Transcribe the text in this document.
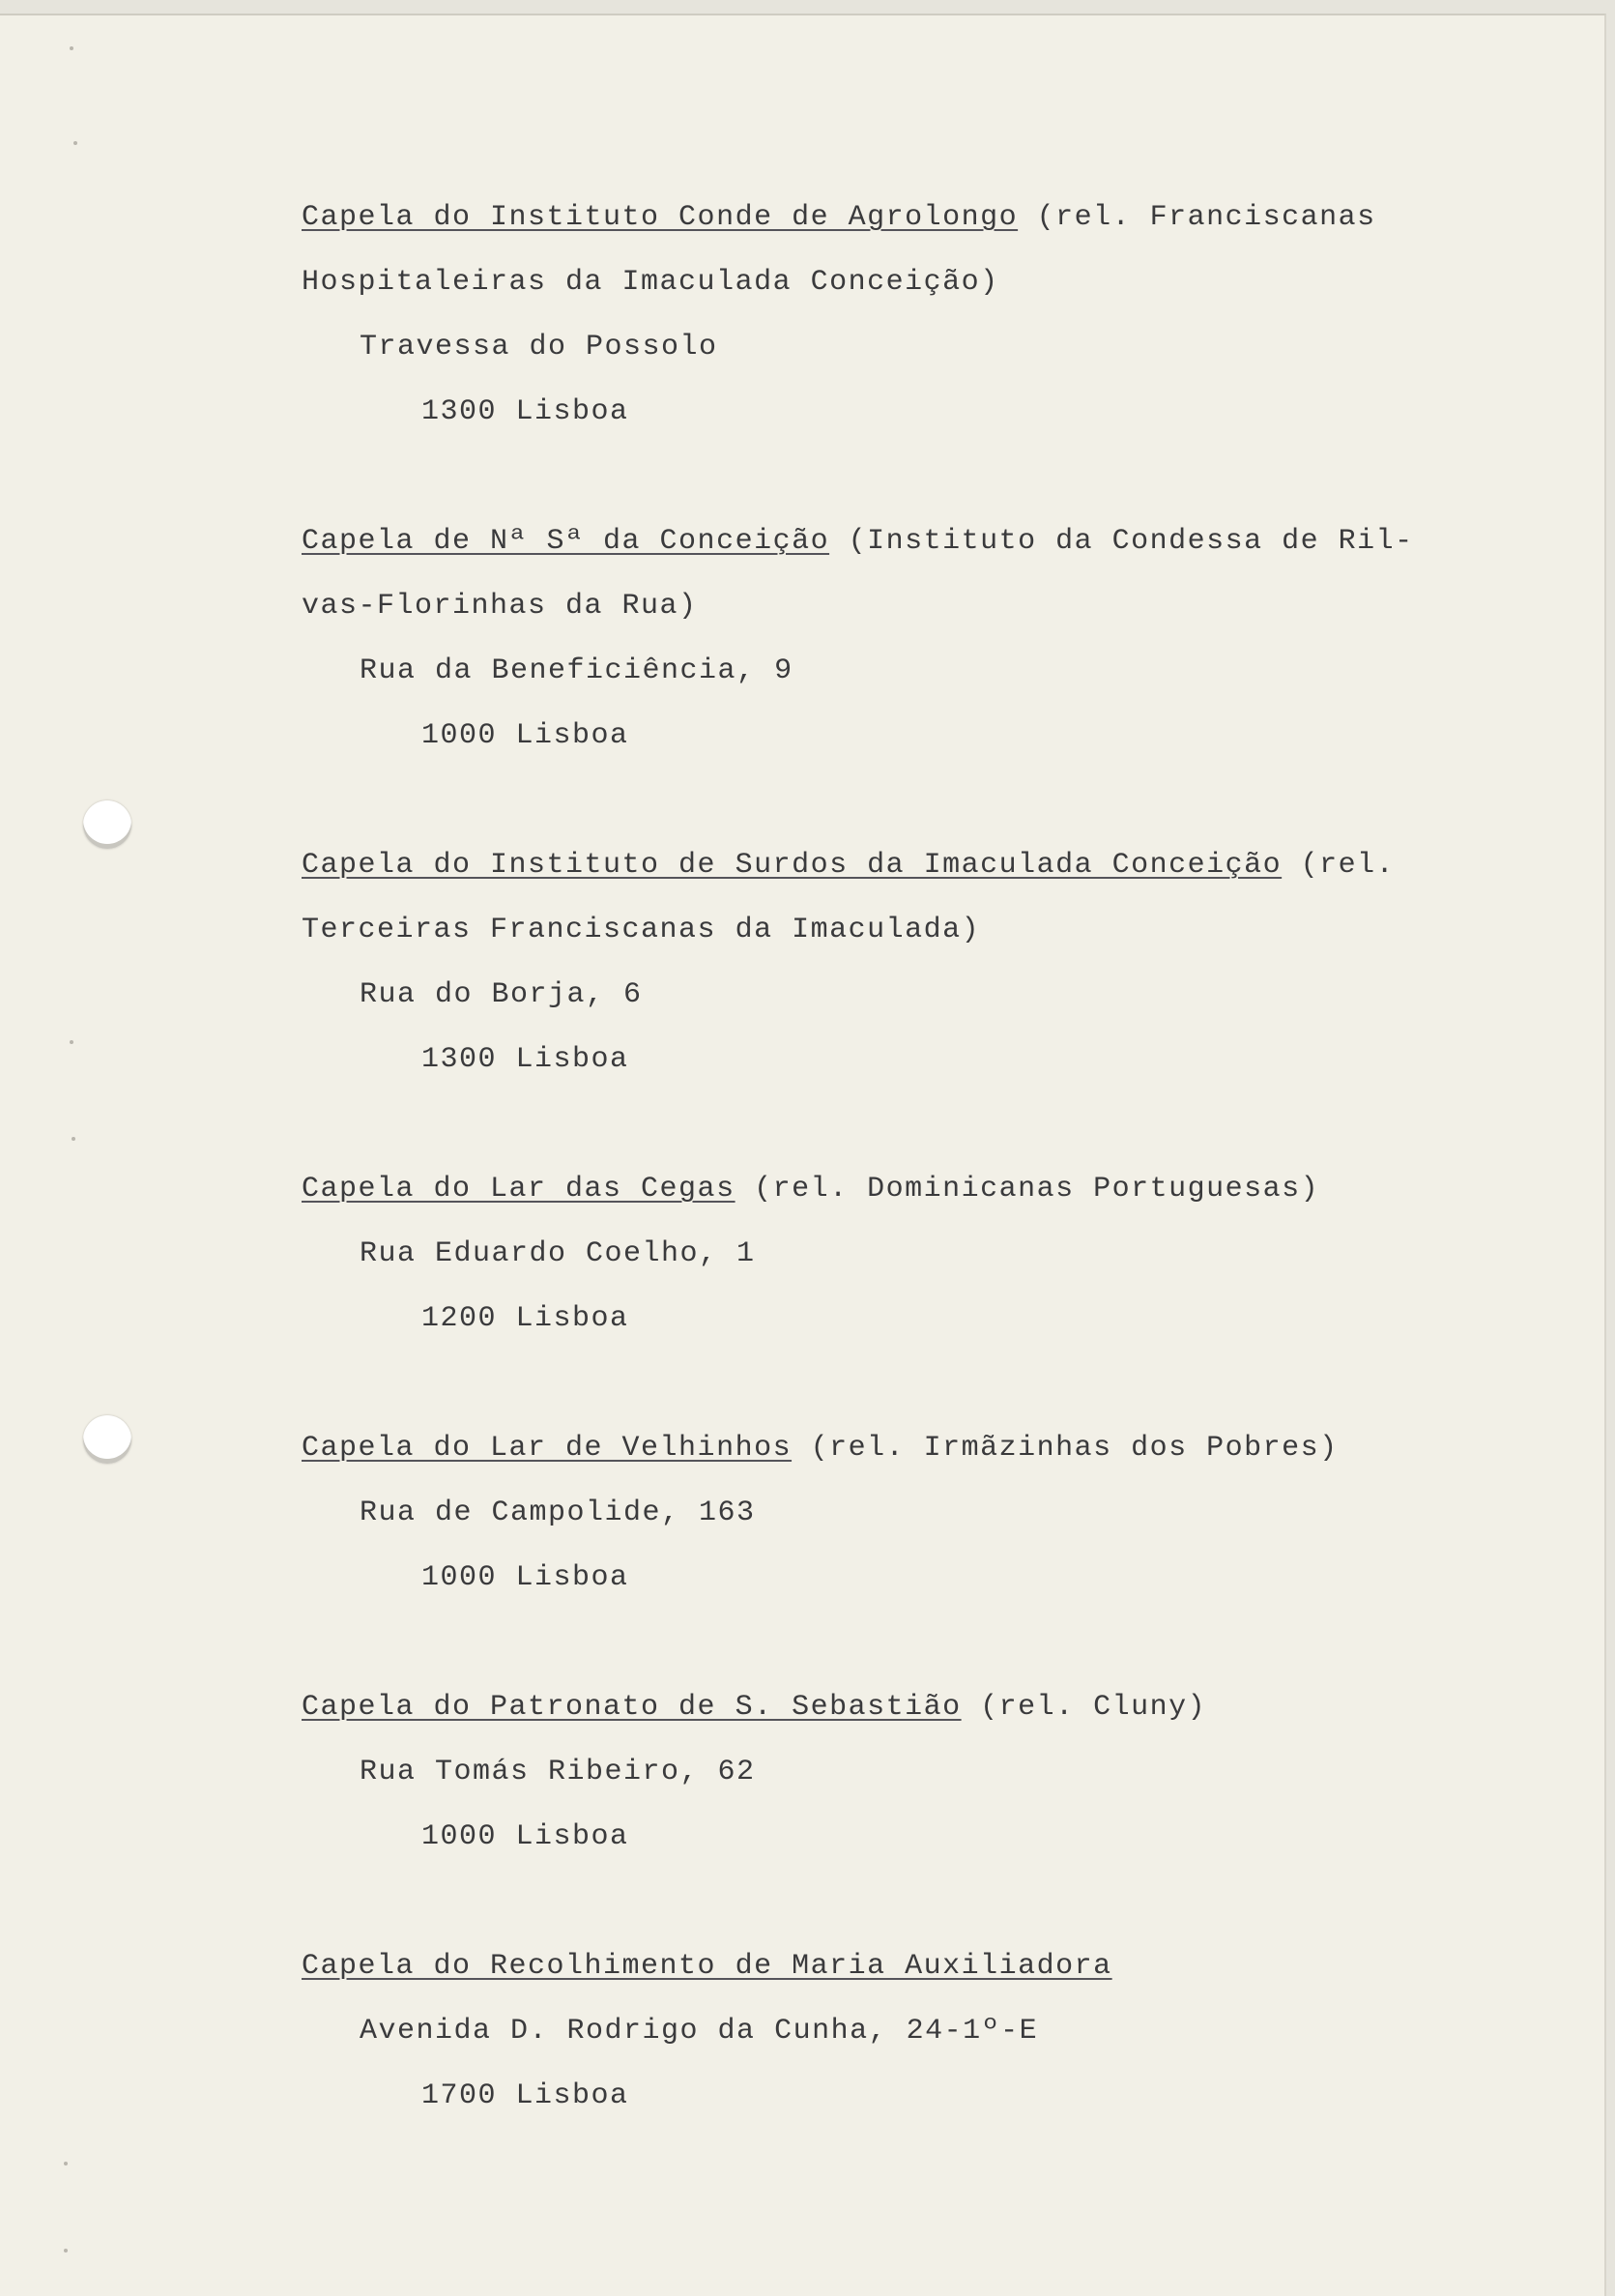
Capela do Instituto Conde de Agrolongo (rel. Franciscanas
Hospitaleiras da Imaculada Conceição)
Travessa do Possolo
1300 Lisboa
Capela de Nª Sª da Conceição (Instituto da Condessa de Ril-
vas-Florinhas da Rua)
Rua da Beneficiência, 9
1000 Lisboa
Capela do Instituto de Surdos da Imaculada Conceição (rel.
Terceiras Franciscanas da Imaculada)
Rua do Borja, 6
1300 Lisboa
Capela do Lar das Cegas (rel. Dominicanas Portuguesas)
Rua Eduardo Coelho, 1
1200 Lisboa
Capela do Lar de Velhinhos (rel. Irmãzinhas dos Pobres)
Rua de Campolide, 163
1000 Lisboa
Capela do Patronato de S. Sebastião (rel. Cluny)
Rua Tomás Ribeiro, 62
1000 Lisboa
Capela do Recolhimento de Maria Auxiliadora
Avenida D. Rodrigo da Cunha, 24-1º-E
1700 Lisboa
